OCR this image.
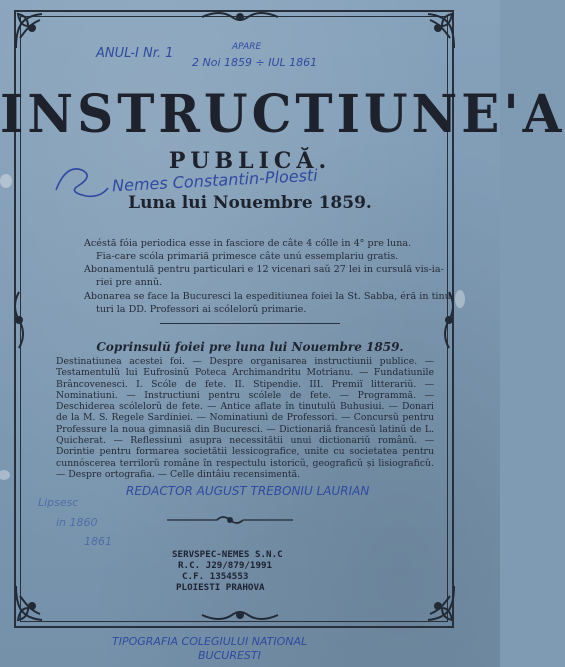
ANUL-I Nr. 1	APARE
2 Noi 1859 ÷ IUL 1861
INSTRUCTIUNE'A
PUBLICĂ.
Nemes Constantin-Ploesti
Luna lui Nouembre 1859.
Acéstă fóia periodica esse in fasciore de câte 4 cólle in 4° pre luna.
Fia-care scóla primariă primesce câte unú essemplariu gratis.
Abonamentulă pentru particulari e 12 vicenari saŭ 27 lei in cursulă vis-ia-
riei pre annŭ.
Abonarea se face la Bucuresci la espeditiunea foiei la St. Sabba, éră in tinu-
turi la DD. Professori ai scólelorŭ primarie.
Coprinsulŭ foiei pre luna lui Nouembre 1859.
Destinatiunea acestei foi. — Despre organisarea instructiunii publice. — Testamentulŭ lui Eufrosinŭ Poteca Archimandritu Motrianu. — Fundatiunile Brâncovenesci. I. Scóle de fete. II. Stipendie. III. Premiï litterariŭ. — Nominatiuni. — Instructiuni pentru scólele de fete. — Programmă. — Deschiderea scólelorŭ de fete. — Antice aflate în tinutulŭ Buhusiui. — Donari de la M. S. Regele Sardiniei. — Nominatiunì de Professori. — Concursŭ pentru Professure la noua gimnasiă din Bucuresci. — Dictionariă francesŭ latinŭ de L. Quicherat. — Reflessiunì asupra necessitătii unui dictionariŭ românŭ. — Dorintie pentru formarea societătii lessicografice, unite cu societatea pentru cunnóscerea terrilorŭ române în respectulu istoricŭ, geograficŭ și lisiograficŭ. — Despre ortografia. — Celle dintâiu recensimentă.
REDACTOR AUGUST TREBONIU LAURIAN
Lipsesc
in 1860
1861
SERVSPEC-NEMES S.N.C
R.C. J29/879/1991
C.F. 1354553
PLOIESTI PRAHOVA
TIPOGRAFIA COLEGIULUI NATIONAL
BUCURESTI
